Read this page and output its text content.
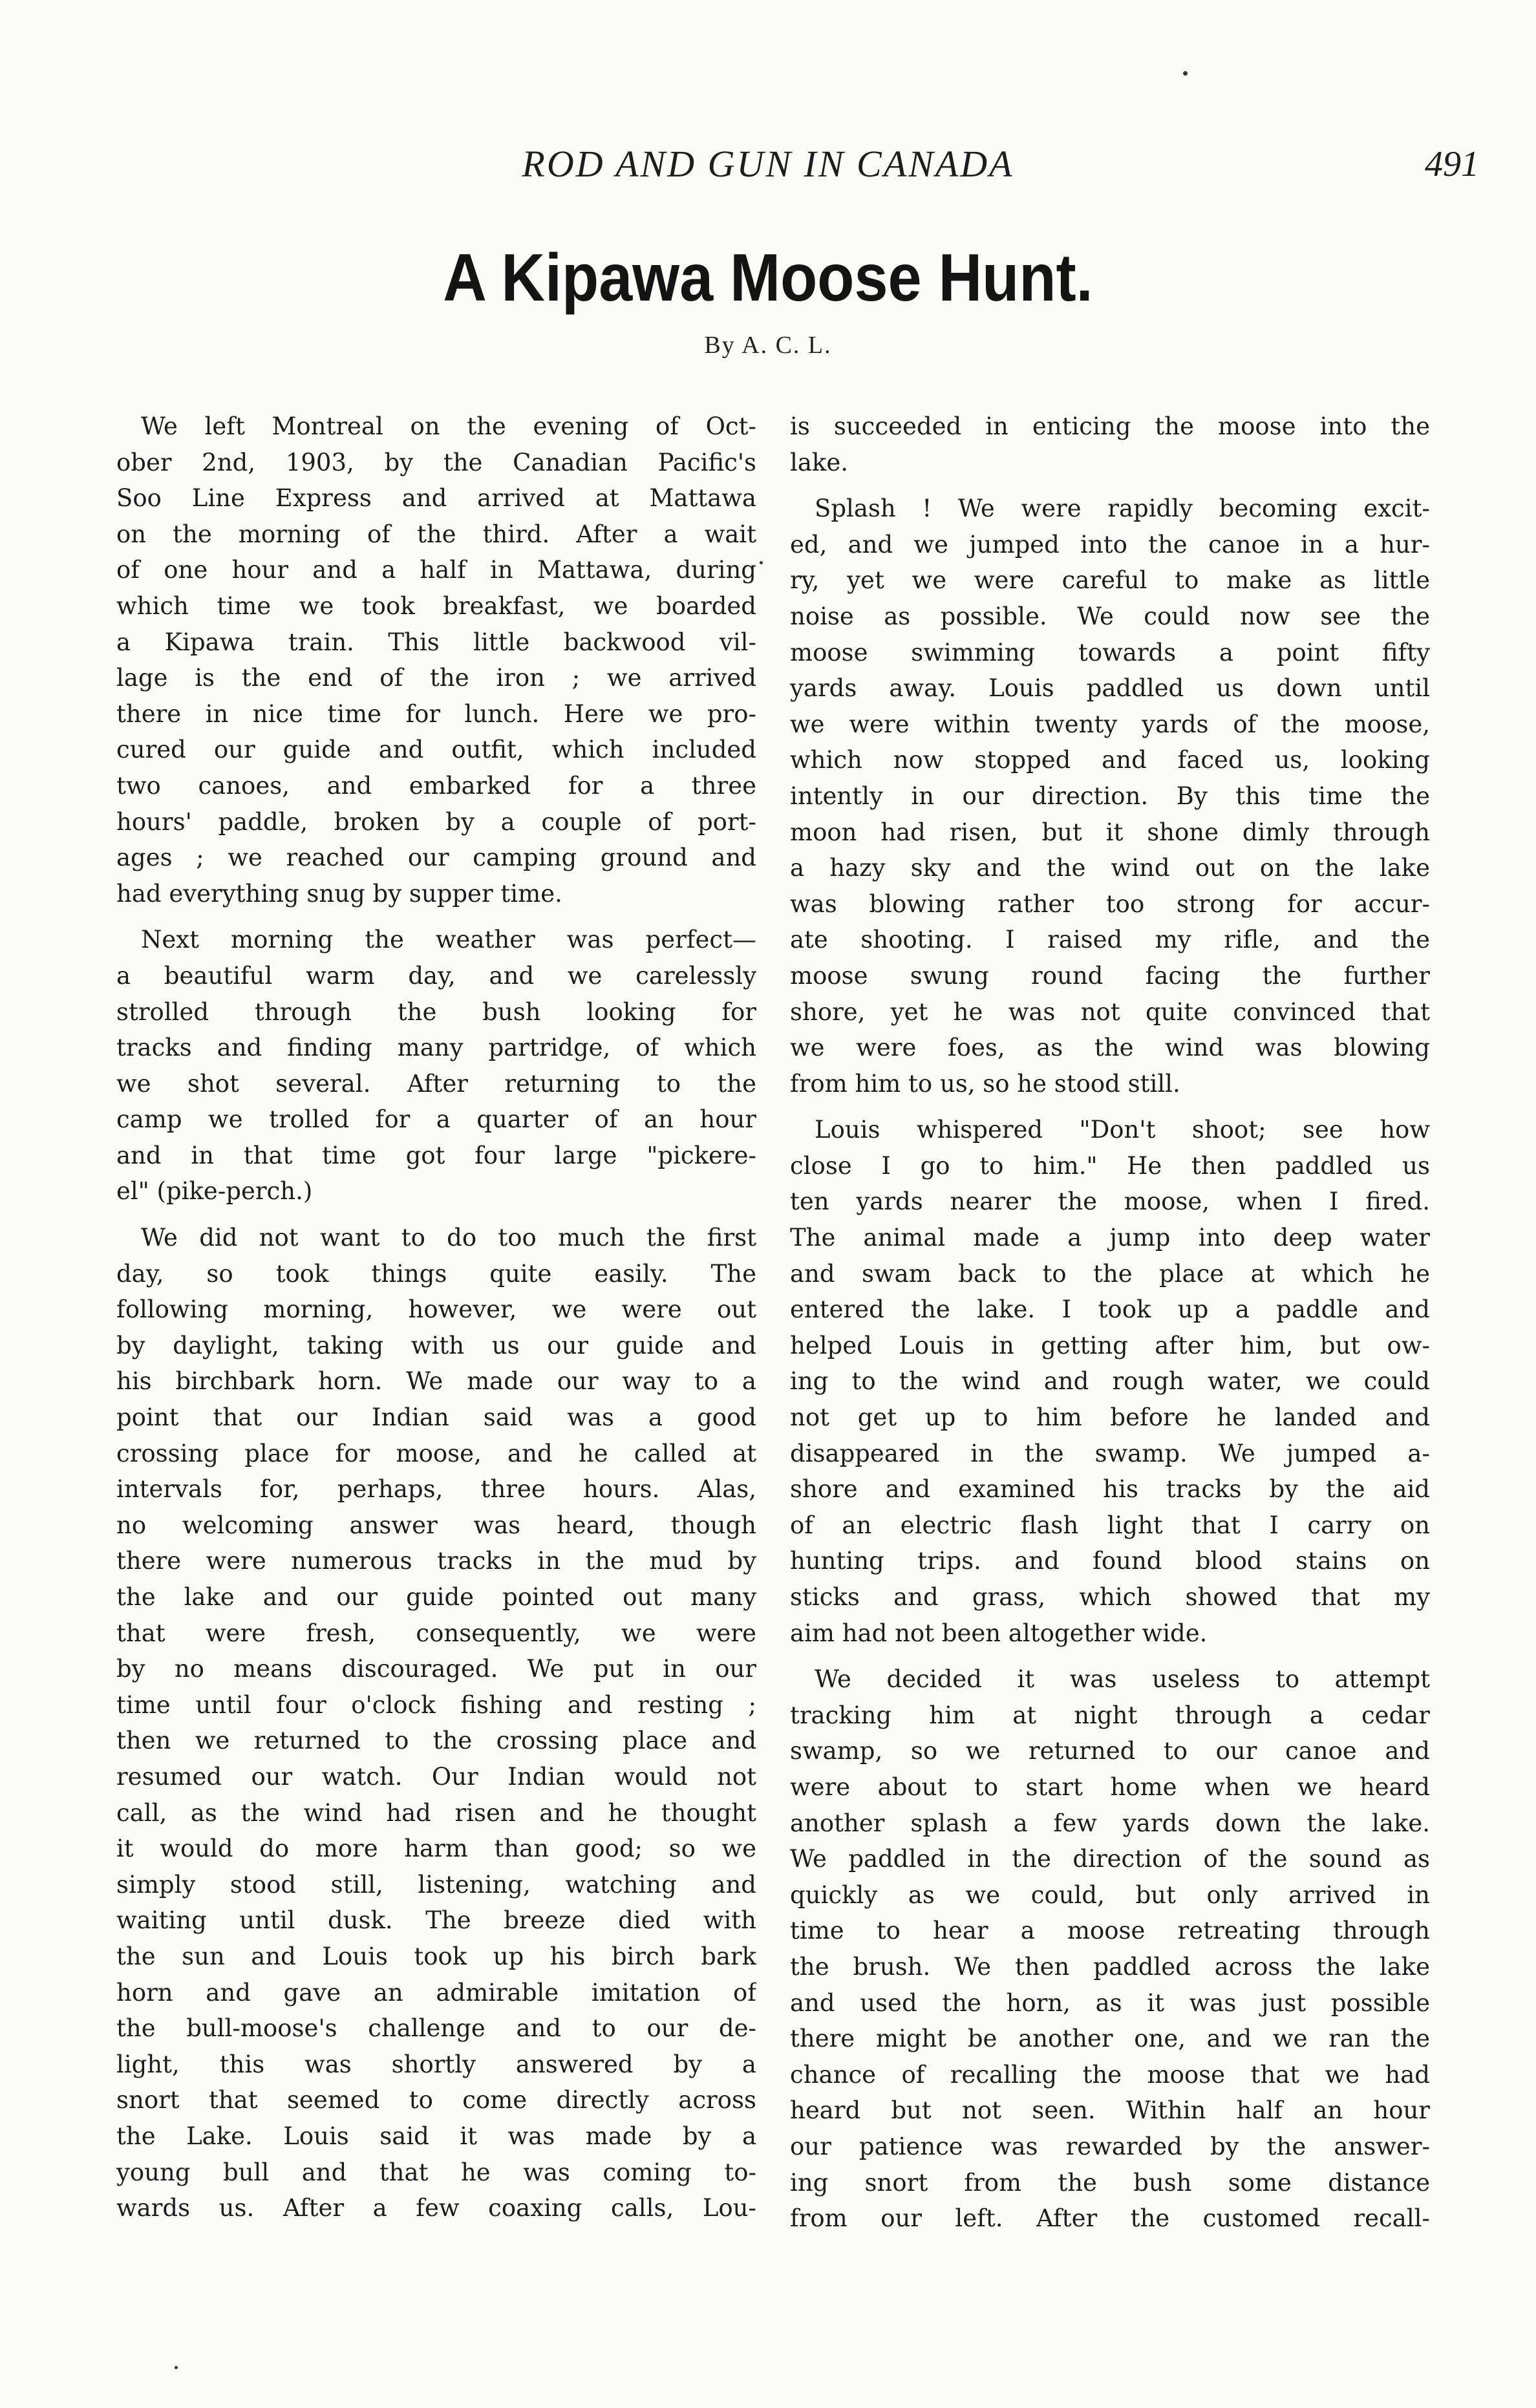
ROD AND GUN IN CANADA	491
A Kipawa Moose Hunt.
By A. C. L.
We left Montreal on the evening of Oct-
ober 2nd, 1903, by the Canadian Pacific's
Soo Line Express and arrived at Mattawa
on the morning of the third. After a wait
of one hour and a half in Mattawa, during
which time we took breakfast, we boarded
a Kipawa train. This little backwood vil-
lage is the end of the iron ; we arrived
there in nice time for lunch. Here we pro-
cured our guide and outfit, which included
two canoes, and embarked for a three
hours' paddle, broken by a couple of port-
ages ; we reached our camping ground and
had everything snug by supper time.
Next morning the weather was perfect—
a beautiful warm day, and we carelessly
strolled through the bush looking for
tracks and finding many partridge, of which
we shot several. After returning to the
camp we trolled for a quarter of an hour
and in that time got four large "pickere-
el" (pike-perch.)
We did not want to do too much the first
day, so took things quite easily. The
following morning, however, we were out
by daylight, taking with us our guide and
his birchbark horn. We made our way to a
point that our Indian said was a good
crossing place for moose, and he called at
intervals for, perhaps, three hours. Alas,
no welcoming answer was heard, though
there were numerous tracks in the mud by
the lake and our guide pointed out many
that were fresh, consequently, we were
by no means discouraged. We put in our
time until four o'clock fishing and resting ;
then we returned to the crossing place and
resumed our watch. Our Indian would not
call, as the wind had risen and he thought
it would do more harm than good; so we
simply stood still, listening, watching and
waiting until dusk. The breeze died with
the sun and Louis took up his birch bark
horn and gave an admirable imitation of
the bull-moose's challenge and to our de-
light, this was shortly answered by a
snort that seemed to come directly across
the Lake. Louis said it was made by a
young bull and that he was coming to-
wards us. After a few coaxing calls, Lou-
is succeeded in enticing the moose into the
lake.
Splash ! We were rapidly becoming excit-
ed, and we jumped into the canoe in a hur-
ry, yet we were careful to make as little
noise as possible. We could now see the
moose swimming towards a point fifty
yards away. Louis paddled us down until
we were within twenty yards of the moose,
which now stopped and faced us, looking
intently in our direction. By this time the
moon had risen, but it shone dimly through
a hazy sky and the wind out on the lake
was blowing rather too strong for accur-
ate shooting. I raised my rifle, and the
moose swung round facing the further
shore, yet he was not quite convinced that
we were foes, as the wind was blowing
from him to us, so he stood still.
Louis whispered "Don't shoot; see how
close I go to him." He then paddled us
ten yards nearer the moose, when I fired.
The animal made a jump into deep water
and swam back to the place at which he
entered the lake. I took up a paddle and
helped Louis in getting after him, but ow-
ing to the wind and rough water, we could
not get up to him before he landed and
disappeared in the swamp. We jumped a-
shore and examined his tracks by the aid
of an electric flash light that I carry on
hunting trips. and found blood stains on
sticks and grass, which showed that my
aim had not been altogether wide.
We decided it was useless to attempt
tracking him at night through a cedar
swamp, so we returned to our canoe and
were about to start home when we heard
another splash a few yards down the lake.
We paddled in the direction of the sound as
quickly as we could, but only arrived in
time to hear a moose retreating through
the brush. We then paddled across the lake
and used the horn, as it was just possible
there might be another one, and we ran the
chance of recalling the moose that we had
heard but not seen. Within half an hour
our patience was rewarded by the answer-
ing snort from the bush some distance
from our left. After the customed recall-
